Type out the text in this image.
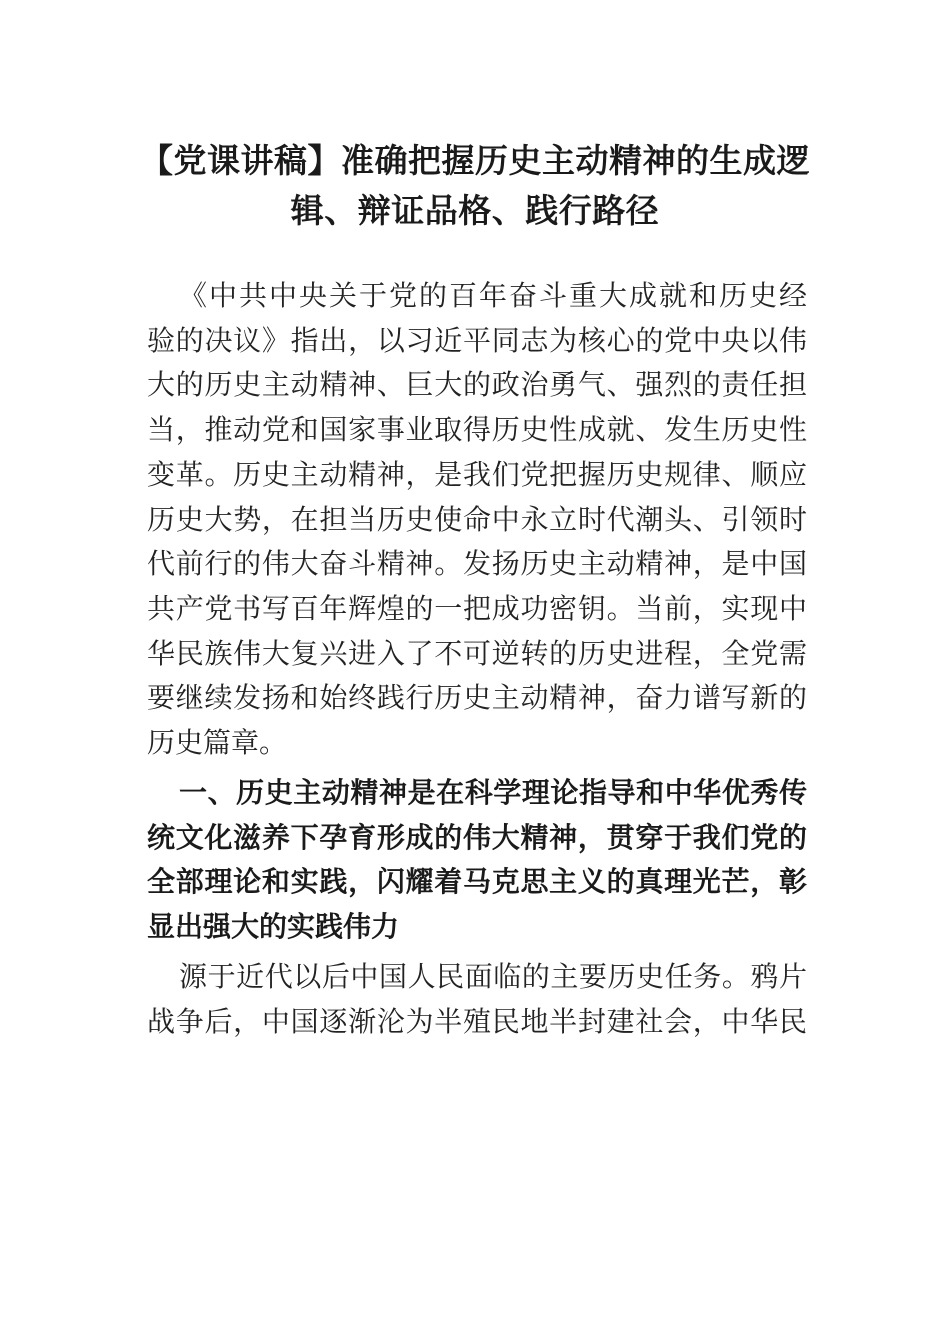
【党课讲稿】准确把握历史主动精神的生成逻
辑、辩证品格、践行路径
《中共中央关于党的百年奋斗重大成就和历史经
验的决议》指出，以习近平同志为核心的党中央以伟
大的历史主动精神、巨大的政治勇气、强烈的责任担
当，推动党和国家事业取得历史性成就、发生历史性
变革。历史主动精神，是我们党把握历史规律、顺应
历史大势，在担当历史使命中永立时代潮头、引领时
代前行的伟大奋斗精神。发扬历史主动精神，是中国
共产党书写百年辉煌的一把成功密钥。当前，实现中
华民族伟大复兴进入了不可逆转的历史进程，全党需
要继续发扬和始终践行历史主动精神，奋力谱写新的
历史篇章。
一、历史主动精神是在科学理论指导和中华优秀传
统文化滋养下孕育形成的伟大精神，贯穿于我们党的
全部理论和实践，闪耀着马克思主义的真理光芒，彰
显出强大的实践伟力
源于近代以后中国人民面临的主要历史任务。鸦片
战争后，中国逐渐沦为半殖民地半封建社会，中华民
